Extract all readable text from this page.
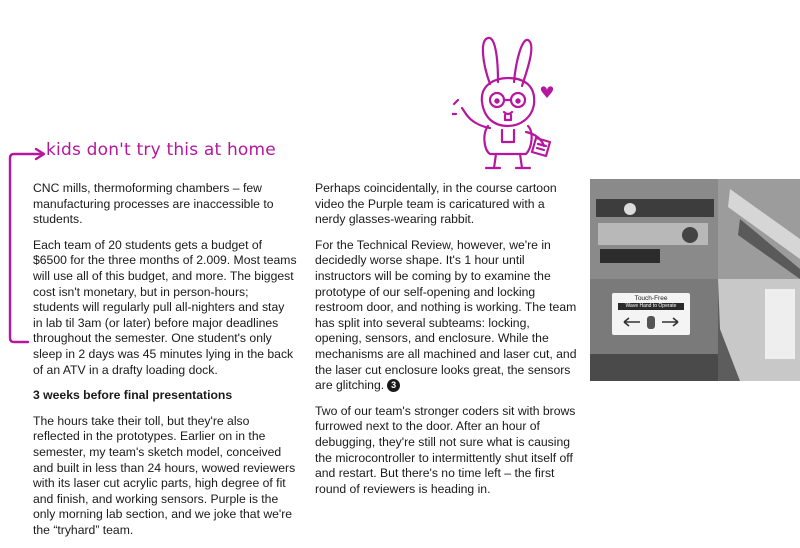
kids don't try this at home

CNC mills, thermoforming chambers – few manufacturing processes are inaccessible to students.

Each team of 20 students gets a budget of $6500 for the three months of 2.009. Most teams will use all of this budget, and more. The biggest cost isn't monetary, but in person-hours; students will regularly pull all-nighters and stay in lab til 3am (or later) before major deadlines throughout the semester. One student's only sleep in 2 days was 45 minutes lying in the back of an ATV in a drafty loading dock.

3 weeks before final presentations

The hours take their toll, but they're also reflected in the prototypes. Earlier on in the semester, my team's sketch model, conceived and built in less than 24 hours, wowed reviewers with its laser cut acrylic parts, high degree of fit and finish, and working sensors. Purple is the only morning lab section, and we joke that we're the “tryhard” team.

Perhaps coincidentally, in the course cartoon video the Purple team is caricatured with a nerdy glasses-wearing rabbit.

For the Technical Review, however, we're in decidedly worse shape. It's 1 hour until instructors will be coming by to examine the prototype of our self-opening and locking restroom door, and nothing is working. The team has split into several subteams: locking, opening, sensors, and enclosure. While the mechanisms are all machined and laser cut, and the laser cut enclosure looks great, the sensors are glitching. 3

Two of our team's stronger coders sit with brows furrowed next to the door. After an hour of debugging, they're still not sure what is causing the microcontroller to intermittently shut itself off and restart. But there's no time left – the first round of reviewers is heading in.

Touch-Free
Wave Hand to Operate
